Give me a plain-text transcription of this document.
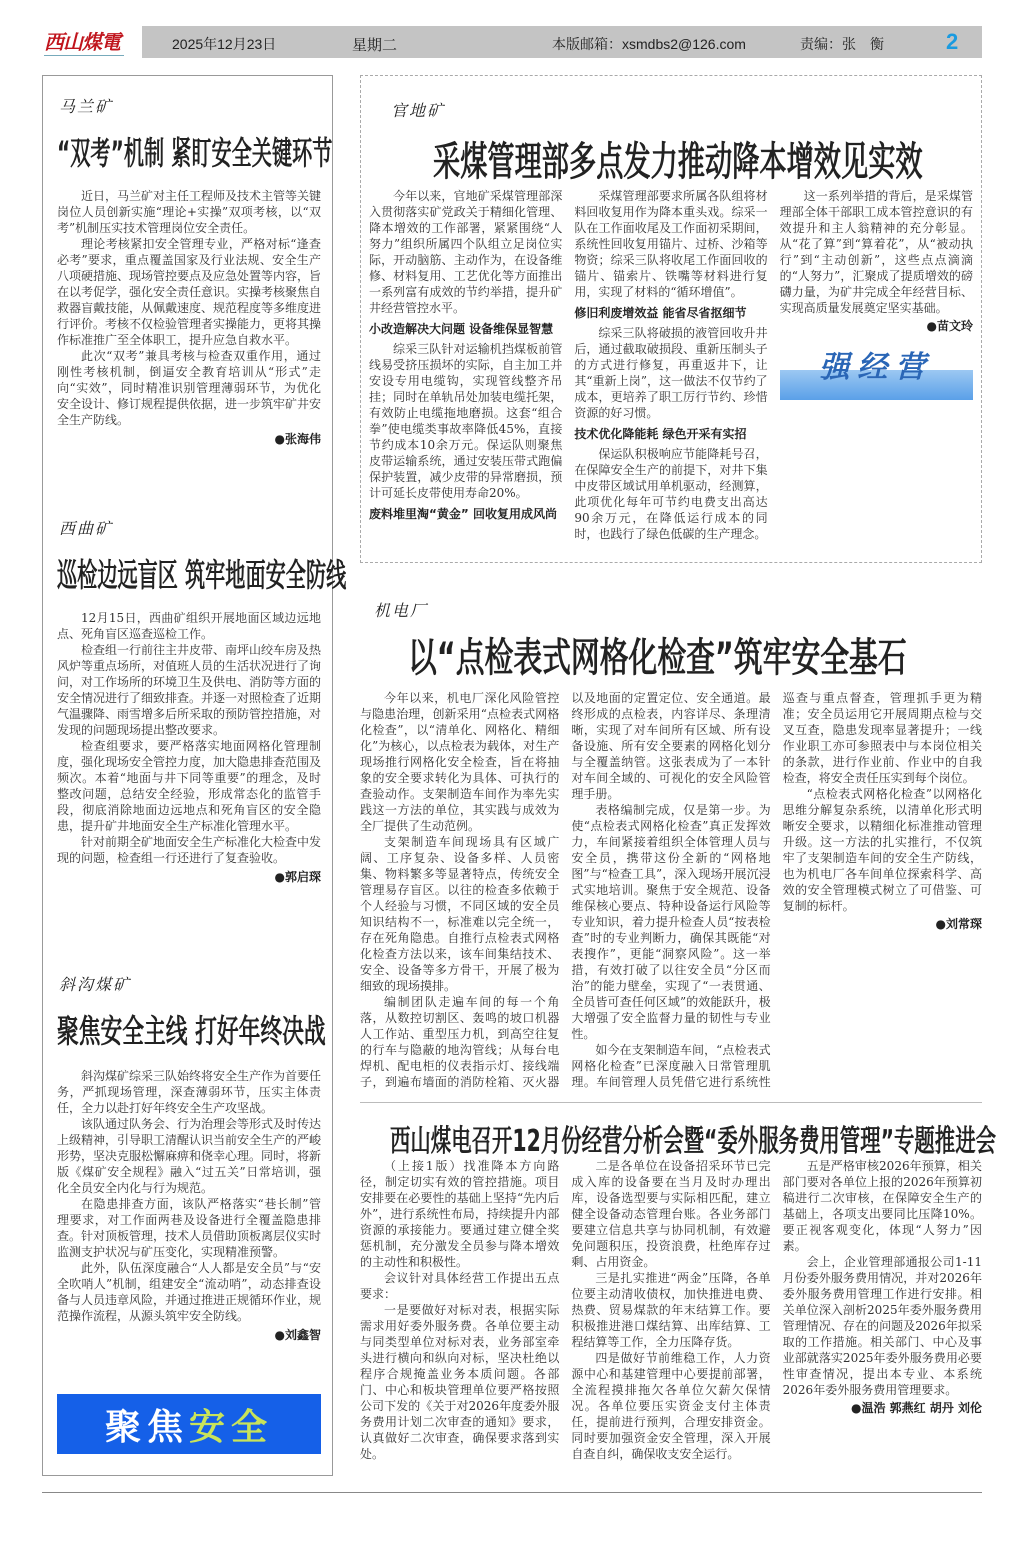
西山煤電	2025年12月23日	星期二	本版邮箱：xsmdbs2@126.com	责编：张　衡	2
马兰矿
“双考”机制 紧盯安全关键环节

近日，马兰矿对主任工程师及技术主管等关键岗位人员创新实施“理论+实操”双项考核，以“双考”机制压实技术管理岗位安全责任。

理论考核紧扣安全管理专业，严格对标“逢查必考”要求，重点覆盖国家及行业法规、安全生产八项硬措施、现场管控要点及应急处置等内容，旨在以考促学，强化安全责任意识。实操考核聚焦自救器盲戴技能，从佩戴速度、规范程度等多维度进行评价。考核不仅检验管理者实操能力，更将其操作标准推广至全体职工，提升应急自救水平。

此次“双考”兼具考核与检查双重作用，通过刚性考核机制，倒逼安全教育培训从“形式”走向“实效”，同时精准识别管理薄弱环节，为优化安全设计、修订规程提供依据，进一步筑牢矿井安全生产防线。

●张海伟
西曲矿
巡检边远盲区 筑牢地面安全防线

12月15日，西曲矿组织开展地面区域边远地点、死角盲区巡查巡检工作。

检查组一行前往主井皮带、南坪山绞车房及热风炉等重点场所，对值班人员的生活状况进行了询问，对工作场所的环境卫生及供电、消防等方面的安全情况进行了细致排查。并逐一对照检查了近期气温骤降、雨雪增多后所采取的预防管控措施，对发现的问题现场提出整改要求。

检查组要求，要严格落实地面网格化管理制度，强化现场安全管控力度，加大隐患排查范围及频次。本着“地面与井下同等重要”的理念，及时整改问题，总结安全经验，形成常态化的监管手段，彻底消除地面边远地点和死角盲区的安全隐患，提升矿井地面安全生产标准化管理水平。

针对前期全矿地面安全生产标准化大检查中发现的问题，检查组一行还进行了复查验收。

●郭启琛
斜沟煤矿
聚焦安全主线 打好年终决战

斜沟煤矿综采三队始终将安全生产作为首要任务，严抓现场管理，深查薄弱环节，压实主体责任，全力以赴打好年终安全生产攻坚战。

该队通过队务会、行为治理会等形式及时传达上级精神，引导职工清醒认识当前安全生产的严峻形势，坚决克服松懈麻痹和侥幸心理。同时，将新版《煤矿安全规程》融入“过五关”日常培训，强化全员安全内化与行为规范。

在隐患排查方面，该队严格落实“巷长制”管理要求，对工作面两巷及设备进行全覆盖隐患排查。针对顶板管理，技术人员借助顶板离层仪实时监测支护状况与矿压变化，实现精准预警。

此外，队伍深度融合“人人都是安全员”与“安全吹哨人”机制，组建安全“流动哨”，动态排查设备与人员违章风险，并通过推进正规循环作业，规范操作流程，从源头筑牢安全防线。

●刘鑫智
聚焦 安全
官地矿
采煤管理部多点发力推动降本增效见实效

今年以来，官地矿采煤管理部深入贯彻落实矿党政关于精细化管理、降本增效的工作部署，紧紧围绕“人努力”组织所属四个队组立足岗位实际，开动脑筋、主动作为，在设备维修、材料复用、工艺优化等方面推出一系列富有成效的节约举措，提升矿井经营管控水平。

小改造解决大问题 设备维保显智慧

综采三队针对运输机挡煤板前管线易受挤压损坏的实际，自主加工并安设专用电缆钩，实现管线整齐吊挂；同时在单轨吊处加装电缆托架，有效防止电缆拖地磨损。这套“组合拳”使电缆类事故率降低45%，直接节约成本10余万元。保运队则聚焦皮带运输系统，通过安装压带式跑偏保护装置，减少皮带的异常磨损，预计可延长皮带使用寿命20%。

废料堆里淘“黄金” 回收复用成风尚

采煤管理部要求所属各队组将材料回收复用作为降本重头戏。综采一队在工作面收尾及工作面初采期间，系统性回收复用锚片、过桥、沙箱等物资；综采三队将收尾工作面回收的锚片、锚索片、铁嘴等材料进行复用，实现了材料的“循环增值”。

修旧利废增效益 能省尽省抠细节

综采三队将破损的液管回收升井后，通过截取破损段、重新压制头子的方式进行修复，再重返井下，让其“重新上岗”，这一做法不仅节约了成本，更培养了职工厉行节约、珍惜资源的好习惯。

技术优化降能耗 绿色开采有实招

保运队积极响应节能降耗号召，在保障安全生产的前提下，对井下集中皮带区域试用单机驱动，经测算，此项优化每年可节约电费支出高达90余万元，在降低运行成本的同时，也践行了绿色低碳的生产理念。

这一系列举措的背后，是采煤管理部全体干部职工成本管控意识的有效提升和主人翁精神的充分彰显。从“花了算”到“算着花”，从“被动执行”到“主动创新”，这些点点滴滴的“人努力”，汇聚成了提质增效的磅礴力量，为矿井完成全年经营目标、实现高质量发展奠定坚实基础。

●苗文玲
强经营
机电厂
以“点检表式网格化检查”筑牢安全基石

今年以来，机电厂深化风险管控与隐患治理，创新采用“点检表式网格化检查”，以“清单化、网格化、精细化”为核心，以点检表为载体，对生产现场推行网格化安全检查，旨在将抽象的安全要求转化为具体、可执行的查验动作。支架制造车间作为率先实践这一方法的单位，其实践与成效为全厂提供了生动范例。

支架制造车间现场具有区域广阔、工序复杂、设备多样、人员密集、物料繁多等显著特点，传统安全管理易存盲区。以往的检查多依赖于个人经验与习惯，不同区域的安全员知识结构不一，标准难以完全统一，存在死角隐患。自推行点检表式网格化检查方法以来，该车间集结技术、安全、设备等多方骨干，开展了极为细致的现场摸排。

编制团队走遍车间的每一个角落，从数控切割区、轰鸣的坡口机器人工作站、重型压力机，到高空往复的行车与隐蔽的地沟管线；从每台电焊机、配电柜的仪表指示灯、接线端子，到遍布墙面的消防栓箱、灭火器以及地面的定置定位、安全通道。最终形成的点检表，内容详尽、条理清晰，实现了对车间所有区域、所有设备设施、所有安全要素的网格化划分与全覆盖纳管。这张表成为了一本针对车间全域的、可视化的安全风险管理手册。

表格编制完成，仅是第一步。为使“点检表式网格化检查”真正发挥效力，车间紧接着组织全体管理人员与安全员，携带这份全新的“网格地图”与“检查工具”，深入现场开展沉浸式实地培训。聚焦于安全规范、设备维保核心要点、特种设备运行风险等专业知识，着力提升检查人员“按表检查”时的专业判断力，确保其既能“对表搜作”，更能“洞察风险”。这一举措，有效打破了以往安全员“分区而治”的能力壁垒，实现了“一表贯通、全员皆可查任何区域”的效能跃升，极大增强了安全监督力量的韧性与专业性。

如今在支架制造车间，“点检表式网格化检查”已深度融入日常管理肌理。车间管理人员凭借它进行系统性巡查与重点督查，管理抓手更为精准；安全员运用它开展周期点检与交叉互查，隐患发现率显著提升；一线作业职工亦可参照表中与本岗位相关的条款，进行作业前、作业中的自我检查，将安全责任压实到每个岗位。

“点检表式网格化检查”以网格化思维分解复杂系统，以清单化形式明晰安全要求，以精细化标准推动管理升级。这一方法的扎实推行，不仅筑牢了支架制造车间的安全生产防线，也为机电厂各车间单位探索科学、高效的安全管理模式树立了可借鉴、可复制的标杆。

●刘常琛
西山煤电召开12月份经营分析会暨“委外服务费用管理”专题推进会

（上接1版）找准降本方向路径，制定切实有效的管控措施。项目安排要在必要性的基础上坚持“先内后外”，进行系统性布局，持续提升内部资源的承接能力。要通过建立健全奖惩机制，充分激发全员参与降本增效的主动性和积极性。

会议针对具体经营工作提出五点要求：

一是要做好对标对表，根据实际需求用好委外服务费。各单位要主动与同类型单位对标对表，业务部室牵头进行横向和纵向对标，坚决杜绝以程序合规掩盖业务本质问题。各部门、中心和板块管理单位要严格按照公司下发的《关于对2026年度委外服务费用计划二次审查的通知》要求，认真做好二次审查，确保要求落到实处。

二是各单位在设备招采环节已完成入库的设备要在当月及时办理出库，设备选型要与实际相匹配，建立健全设备动态管理台账。各业务部门要建立信息共享与协同机制，有效避免问题积压，投资浪费，杜绝库存过剩、占用资金。

三是扎实推进“两金”压降，各单位要主动清收债权，加快推进电费、热费、贸易煤款的年末结算工作。要积极推进港口煤结算、出库结算、工程结算等工作，全力压降存货。

四是做好节前维稳工作，人力资源中心和基建管理中心要提前部署，全流程摸排拖欠各单位欠薪欠保情况。各单位要压实资金支付主体责任，提前进行预判，合理安排资金。同时要加强资金安全管理，深入开展自查自纠，确保收支安全运行。

五是严格审核2026年预算，相关部门要对各单位上报的2026年预算初稿进行二次审核，在保障安全生产的基础上，各项支出要同比压降10%。要正视客观变化，体现“人努力”因素。

会上，企业管理部通报公司1-11月份委外服务费用情况，并对2026年委外服务费用管理工作进行安排。相关单位深入剖析2025年委外服务费用管理情况、存在的问题及2026年拟采取的工作措施。相关部门、中心及事业部就落实2025年委外服务费用必要性审查情况，提出本专业、本系统2026年委外服务费用管理要求。

●温浩 郭燕红 胡丹 刘伦
